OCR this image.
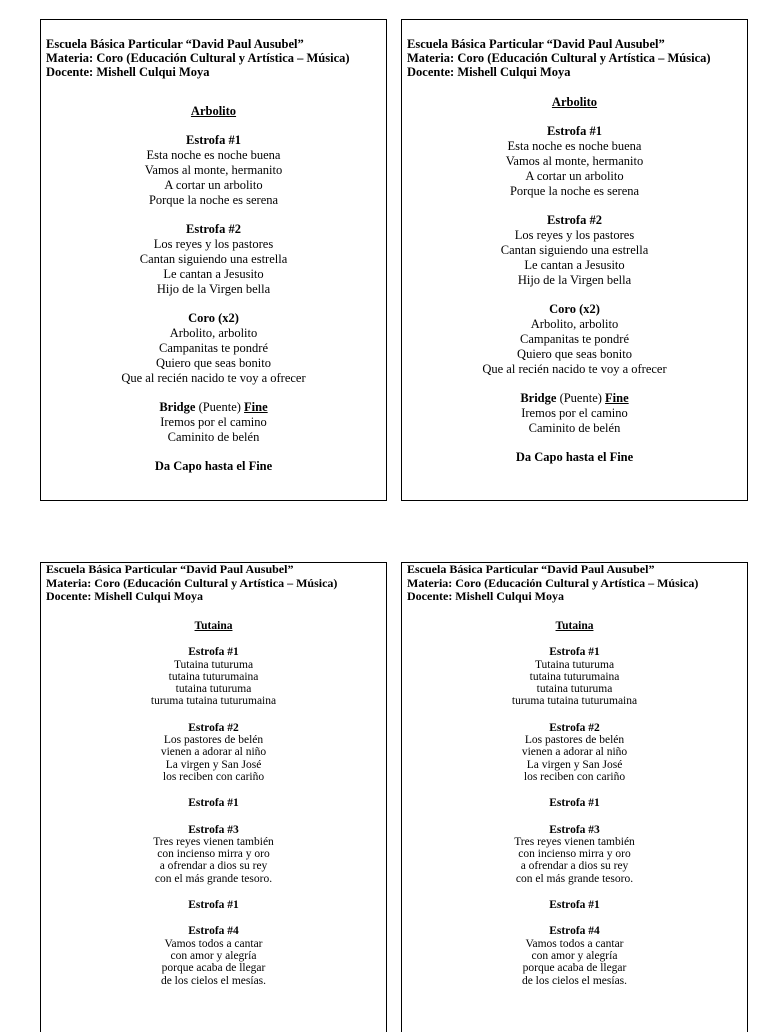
Escuela Básica Particular “David Paul Ausubel”
Materia: Coro (Educación Cultural y Artística – Música)
Docente: Mishell Culqui Moya
Arbolito
Estrofa #1
Esta noche es noche buena
Vamos al monte, hermanito
A cortar un arbolito
Porque la noche es serena
Estrofa #2
Los reyes y los pastores
Cantan siguiendo una estrella
Le cantan a Jesusito
Hijo de la Virgen bella
Coro (x2)
Arbolito, arbolito
Campanitas te pondré
Quiero que seas bonito
Que al recién nacido te voy a ofrecer
Bridge (Puente) Fine
Iremos por el camino
Caminito de belén
Da Capo hasta el Fine
Escuela Básica Particular “David Paul Ausubel”
Materia: Coro (Educación Cultural y Artística – Música)
Docente: Mishell Culqui Moya
Arbolito
Estrofa #1
Esta noche es noche buena
Vamos al monte, hermanito
A cortar un arbolito
Porque la noche es serena
Estrofa #2
Los reyes y los pastores
Cantan siguiendo una estrella
Le cantan a Jesusito
Hijo de la Virgen bella
Coro (x2)
Arbolito, arbolito
Campanitas te pondré
Quiero que seas bonito
Que al recién nacido te voy a ofrecer
Bridge (Puente) Fine
Iremos por el camino
Caminito de belén
Da Capo hasta el Fine
Escuela Básica Particular “David Paul Ausubel”
Materia: Coro (Educación Cultural y Artística – Música)
Docente: Mishell Culqui Moya
Tutaina
Estrofa #1
Tutaina tuturuma
tutaina tuturumaina
tutaina tuturuma
turuma tutaina tuturumaina
Estrofa #2
Los pastores de belén
vienen a adorar al niño
La virgen y San José
los reciben con cariño
Estrofa #1
Estrofa #3
Tres reyes vienen también
con incienso mirra y oro
a ofrendar a dios su rey
con el más grande tesoro.
Estrofa #1
Estrofa #4
Vamos todos a cantar
con amor y alegría
porque acaba de llegar
de los cielos el mesías.
Escuela Básica Particular “David Paul Ausubel”
Materia: Coro (Educación Cultural y Artística – Música)
Docente: Mishell Culqui Moya
Tutaina
Estrofa #1
Tutaina tuturuma
tutaina tuturumaina
tutaina tuturuma
turuma tutaina tuturumaina
Estrofa #2
Los pastores de belén
vienen a adorar al niño
La virgen y San José
los reciben con cariño
Estrofa #1
Estrofa #3
Tres reyes vienen también
con incienso mirra y oro
a ofrendar a dios su rey
con el más grande tesoro.
Estrofa #1
Estrofa #4
Vamos todos a cantar
con amor y alegría
porque acaba de llegar
de los cielos el mesías.
